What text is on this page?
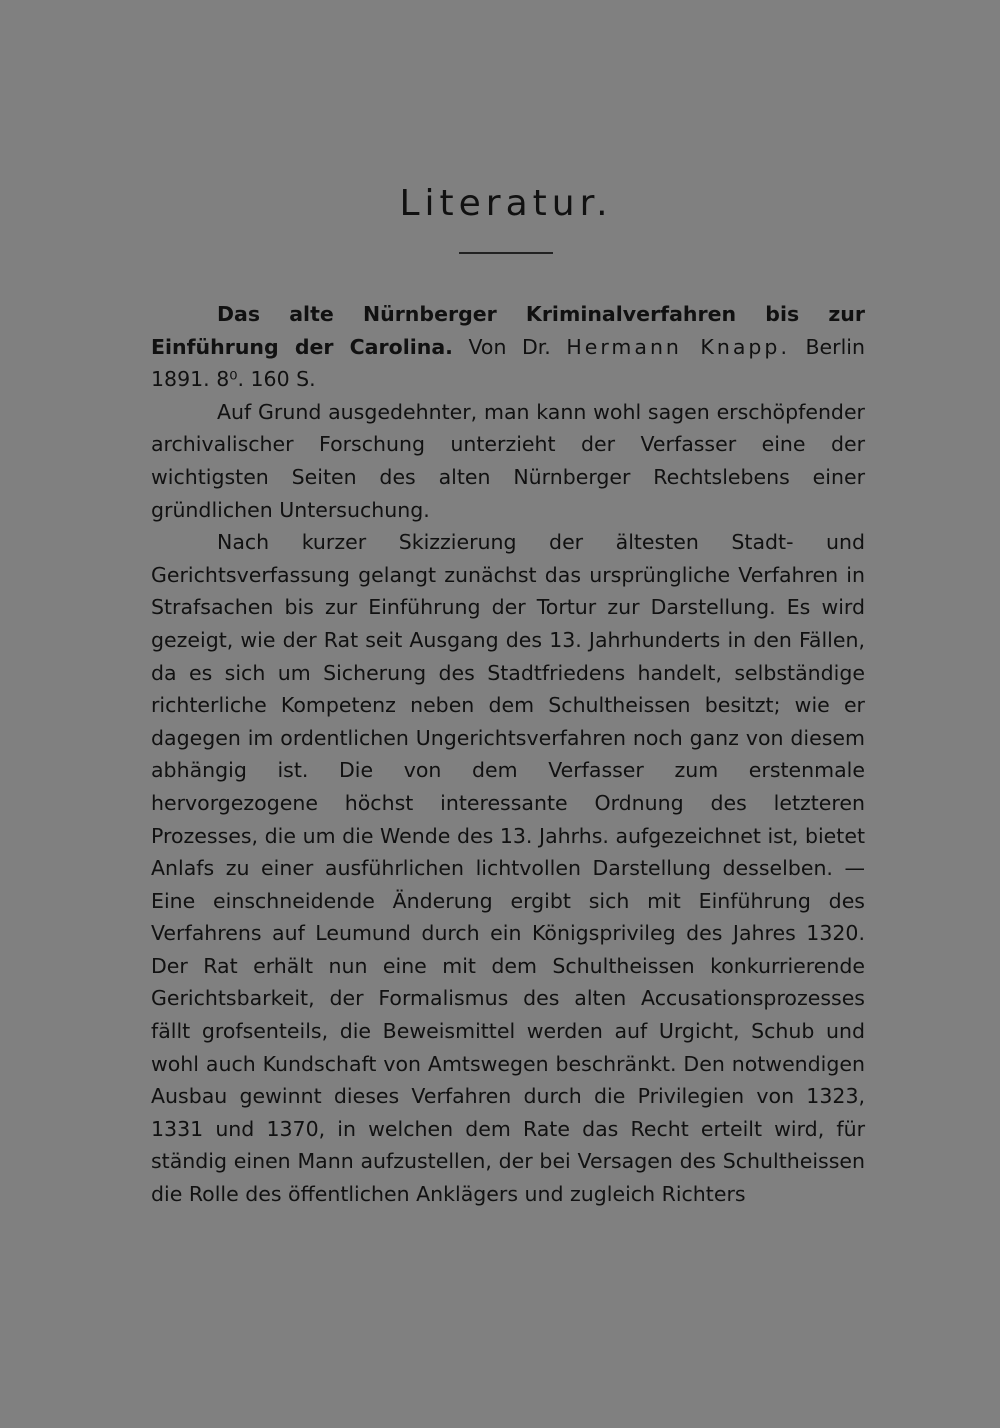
Literatur.

Das alte Nürnberger Kriminalverfahren bis zur Einführung der Carolina. Von Dr. Hermann Knapp. Berlin 1891. 8⁰. 160 S.

Auf Grund ausgedehnter, man kann wohl sagen erschöpfender archivalischer Forschung unterzieht der Verfasser eine der wichtigsten Seiten des alten Nürnberger Rechtslebens einer gründlichen Untersuchung.

Nach kurzer Skizzierung der ältesten Stadt- und Gerichtsverfassung gelangt zunächst das ursprüngliche Verfahren in Strafsachen bis zur Einführung der Tortur zur Darstellung. Es wird gezeigt, wie der Rat seit Ausgang des 13. Jahrhunderts in den Fällen, da es sich um Sicherung des Stadtfriedens handelt, selbständige richterliche Kompetenz neben dem Schultheissen besitzt; wie er dagegen im ordentlichen Ungerichtsverfahren noch ganz von diesem abhängig ist. Die von dem Verfasser zum erstenmale hervorgezogene höchst interessante Ordnung des letzteren Prozesses, die um die Wende des 13. Jahrhs. aufgezeichnet ist, bietet Anlafs zu einer ausführlichen lichtvollen Darstellung desselben. — Eine einschneidende Änderung ergibt sich mit Einführung des Verfahrens auf Leumund durch ein Königsprivileg des Jahres 1320. Der Rat erhält nun eine mit dem Schultheissen konkurrierende Gerichtsbarkeit, der Formalismus des alten Accusationsprozesses fällt grofsenteils, die Beweismittel werden auf Urgicht, Schub und wohl auch Kundschaft von Amtswegen beschränkt. Den notwendigen Ausbau gewinnt dieses Verfahren durch die Privilegien von 1323, 1331 und 1370, in welchen dem Rate das Recht erteilt wird, für ständig einen Mann aufzustellen, der bei Versagen des Schultheissen die Rolle des öffentlichen Anklägers und zugleich Richters
